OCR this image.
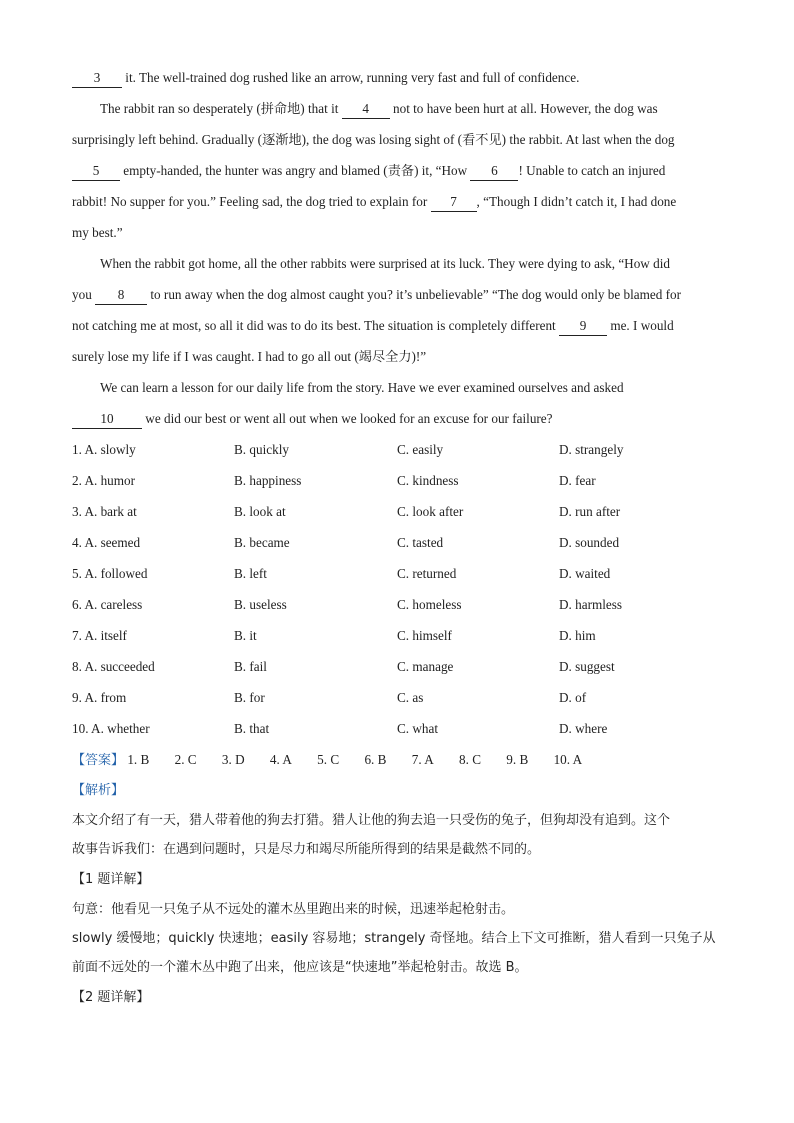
3 it. The well-trained dog rushed like an arrow, running very fast and full of confidence.
The rabbit ran so desperately (拼命地) that it 4 not to have been hurt at all. However, the dog was
surprisingly left behind. Gradually (逐渐地), the dog was losing sight of (看不见) the rabbit. At last when the dog
5 empty-handed, the hunter was angry and blamed (责备) it, “How 6 ! Unable to catch an injured
rabbit! No supper for you.” Feeling sad, the dog tried to explain for 7 , “Though I didn’t catch it, I had done
my best.”
When the rabbit got home, all the other rabbits were surprised at its luck. They were dying to ask, “How did
you 8 to run away when the dog almost caught you? it’s unbelievable” “The dog would only be blamed for
not catching me at most, so all it did was to do its best. The situation is completely different 9 me. I would
surely lose my life if I was caught. I had to go all out (竭尽全力)!”
We can learn a lesson for our daily life from the story. Have we ever examined ourselves and asked
10 we did our best or went all out when we looked for an excuse for our failure?
1. A. slowly	B. quickly	C. easily	D. strangely
2. A. humor	B. happiness	C. kindness	D. fear
3. A. bark at	B. look at	C. look after	D. run after
4. A. seemed	B. became	C. tasted	D. sounded
5. A. followed	B. left	C. returned	D. waited
6. A. careless	B. useless	C. homeless	D. harmless
7. A. itself	B. it	C. himself	D. him
8. A. succeeded	B. fail	C. manage	D. suggest
9. A. from	B. for	C. as	D. of
10. A. whether	B. that	C. what	D. where
【答案】 1. B 2. C 3. D 4. A 5. C 6. B 7. A 8. C 9. B 10. A
【解析】
本文介绍了有一天，猎人带着他的狗去打猎。猎人让他的狗去追一只受伤的兔子，但狗却没有追到。这个
故事告诉我们：在遇到问题时，只是尽力和竭尽所能所得到的结果是截然不同的。
【1 题详解】
句意：他看见一只兔子从不远处的灌木丛里跑出来的时候，迅速举起枪射击。
slowly 缓慢地；quickly 快速地；easily 容易地；strangely 奇怪地。结合上下文可推断，猎人看到一只兔子从
前面不远处的一个灌木丛中跑了出来，他应该是“快速地”举起枪射击。故选 B。
【2 题详解】
